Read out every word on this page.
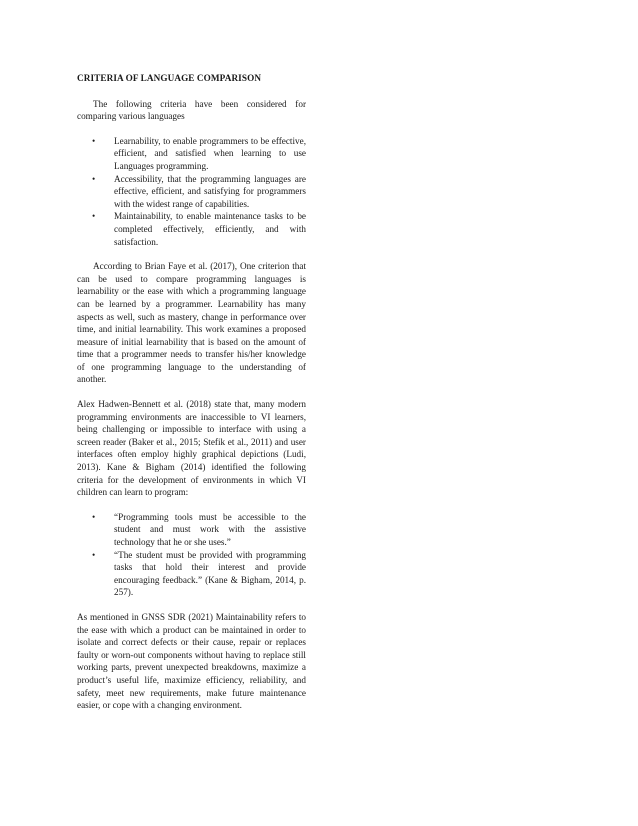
CRITERIA OF LANGUAGE COMPARISON

The following criteria have been considered for comparing various languages

• Learnability, to enable programmers to be effective, efficient, and satisfied when learning to use Languages programming.
• Accessibility, that the programming languages are effective, efficient, and satisfying for programmers with the widest range of capabilities.
• Maintainability, to enable maintenance tasks to be completed effectively, efficiently, and with satisfaction.

According to Brian Faye et al. (2017), One criterion that can be used to compare programming languages is learnability or the ease with which a programming language can be learned by a programmer. Learnability has many aspects as well, such as mastery, change in performance over time, and initial learnability. This work examines a proposed measure of initial learnability that is based on the amount of time that a programmer needs to transfer his/her knowledge of one programming language to the understanding of another.

Alex Hadwen-Bennett et al. (2018) state that, many modern programming environments are inaccessible to VI learners, being challenging or impossible to interface with using a screen reader (Baker et al., 2015; Stefik et al., 2011) and user interfaces often employ highly graphical depictions (Ludi, 2013). Kane & Bigham (2014) identified the following criteria for the development of environments in which VI children can learn to program:

• “Programming tools must be accessible to the student and must work with the assistive technology that he or she uses.”
• “The student must be provided with programming tasks that hold their interest and provide encouraging feedback.” (Kane & Bigham, 2014, p. 257).

As mentioned in GNSS SDR (2021) Maintainability refers to the ease with which a product can be maintained in order to isolate and correct defects or their cause, repair or replaces faulty or worn-out components without having to replace still working parts, prevent unexpected breakdowns, maximize a product’s useful life, maximize efficiency, reliability, and safety, meet new requirements, make future maintenance easier, or cope with a changing environment.
